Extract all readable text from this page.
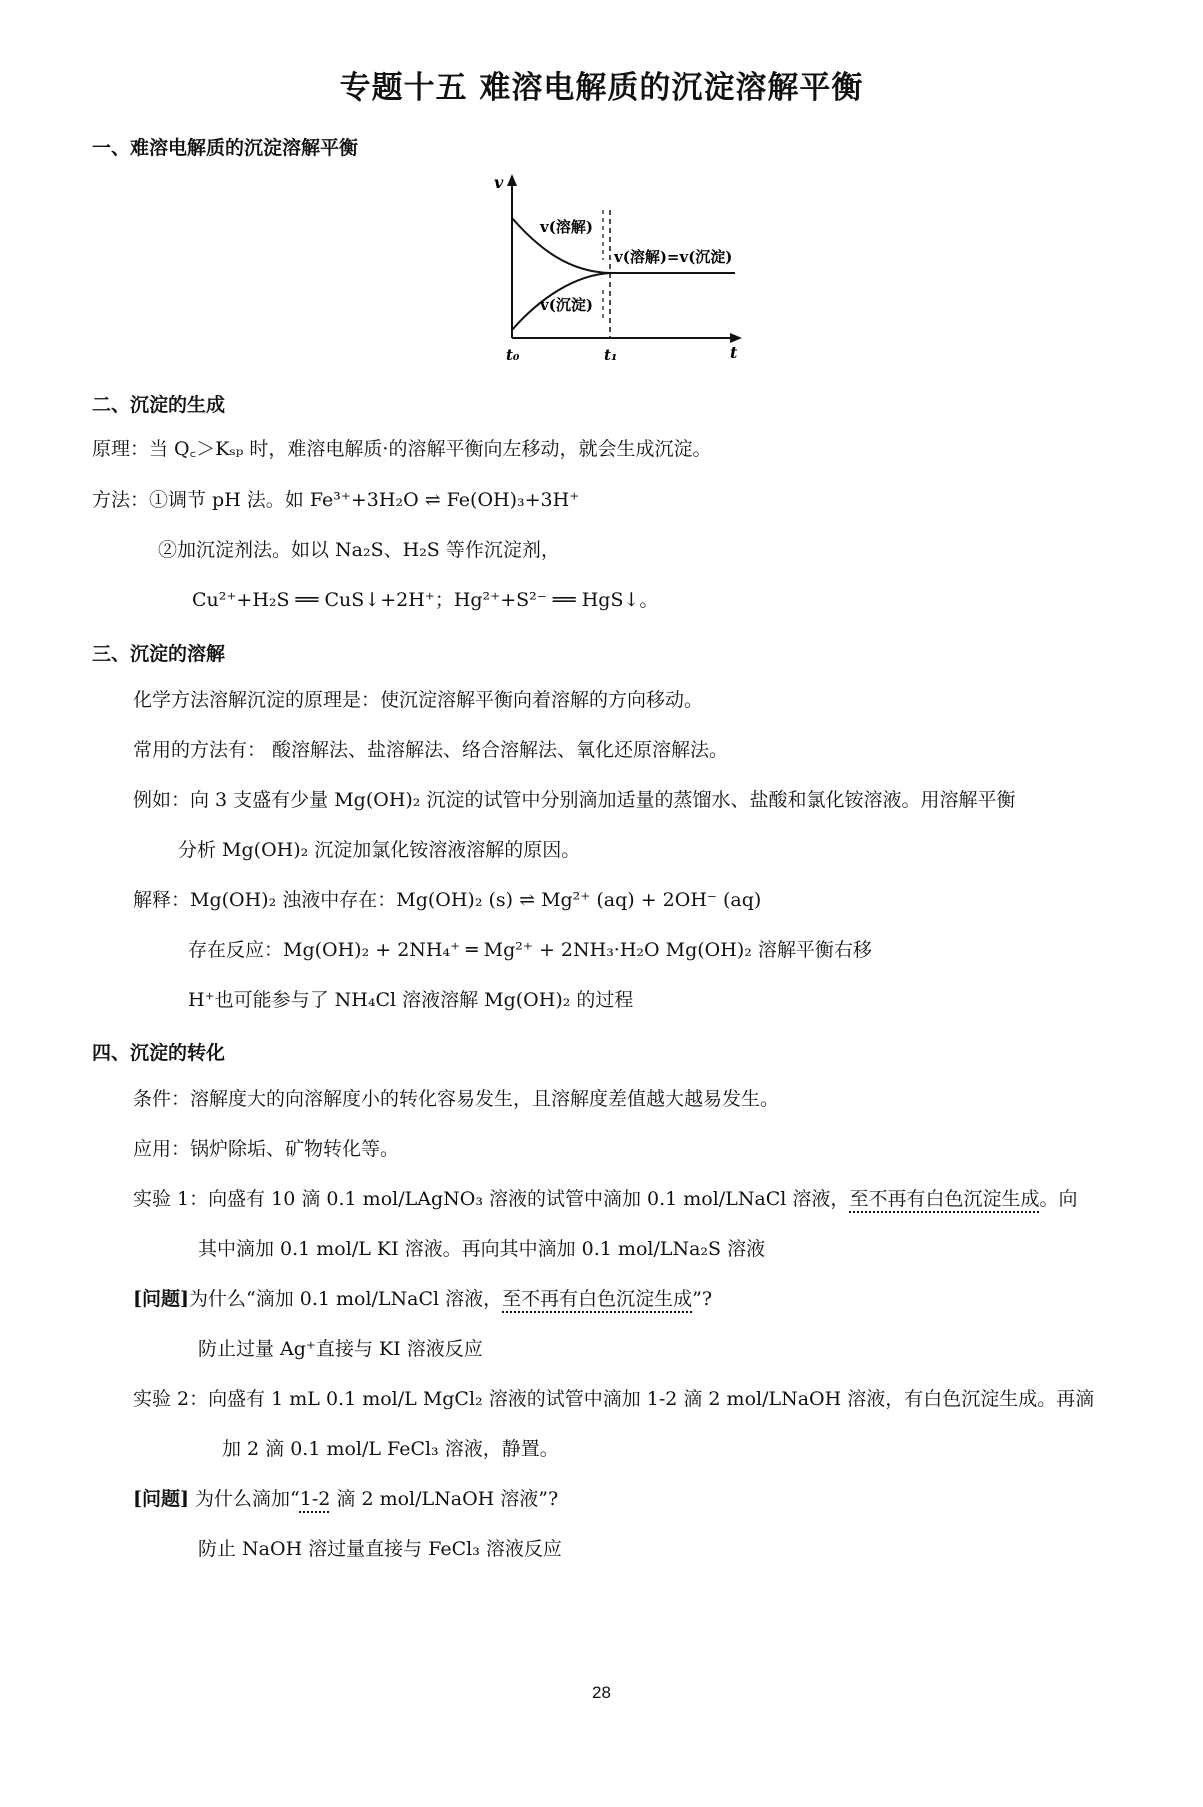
专题十五 难溶电解质的沉淀溶解平衡
一、难溶电解质的沉淀溶解平衡
v
t
t₀	t₁
v(溶解)
v(沉淀)
v(溶解)=v(沉淀)
二、沉淀的生成
原理：当 Q꜀＞Kₛₚ 时，难溶电解质·的溶解平衡向左移动，就会生成沉淀。
方法：①调节 pH 法。如 Fe³⁺+3H₂O ⇌ Fe(OH)₃+3H⁺
②加沉淀剂法。如以 Na₂S、H₂S 等作沉淀剂，
Cu²⁺+H₂S ══ CuS↓+2H⁺；Hg²⁺+S²⁻ ══ HgS↓。
三、沉淀的溶解
化学方法溶解沉淀的原理是：使沉淀溶解平衡向着溶解的方向移动。
常用的方法有： 酸溶解法、盐溶解法、络合溶解法、氧化还原溶解法。
例如：向 3 支盛有少量 Mg(OH)₂ 沉淀的试管中分别滴加适量的蒸馏水、盐酸和氯化铵溶液。用溶解平衡
分析 Mg(OH)₂ 沉淀加氯化铵溶液溶解的原因。
解释：Mg(OH)₂ 浊液中存在：Mg(OH)₂ (s) ⇌ Mg²⁺ (aq) + 2OH⁻ (aq)
存在反应：Mg(OH)₂ + 2NH₄⁺ ═ Mg²⁺ + 2NH₃·H₂O Mg(OH)₂ 溶解平衡右移
H⁺也可能参与了 NH₄Cl 溶液溶解 Mg(OH)₂ 的过程
四、沉淀的转化
条件：溶解度大的向溶解度小的转化容易发生，且溶解度差值越大越易发生。
应用：锅炉除垢、矿物转化等。
实验 1：向盛有 10 滴 0.1 mol/LAgNO₃ 溶液的试管中滴加 0.1 mol/LNaCl 溶液，至不再有白色沉淀生成。向
其中滴加 0.1 mol/L KI 溶液。再向其中滴加 0.1 mol/LNa₂S 溶液
[问题]为什么“滴加 0.1 mol/LNaCl 溶液，至不再有白色沉淀生成”?
防止过量 Ag⁺直接与 KI 溶液反应
实验 2：向盛有 1 mL 0.1 mol/L MgCl₂ 溶液的试管中滴加 1-2 滴 2 mol/LNaOH 溶液，有白色沉淀生成。再滴
加 2 滴 0.1 mol/L FeCl₃ 溶液，静置。
[问题] 为什么滴加“1-2 滴 2 mol/LNaOH 溶液”?
防止 NaOH 溶过量直接与 FeCl₃ 溶液反应
28
